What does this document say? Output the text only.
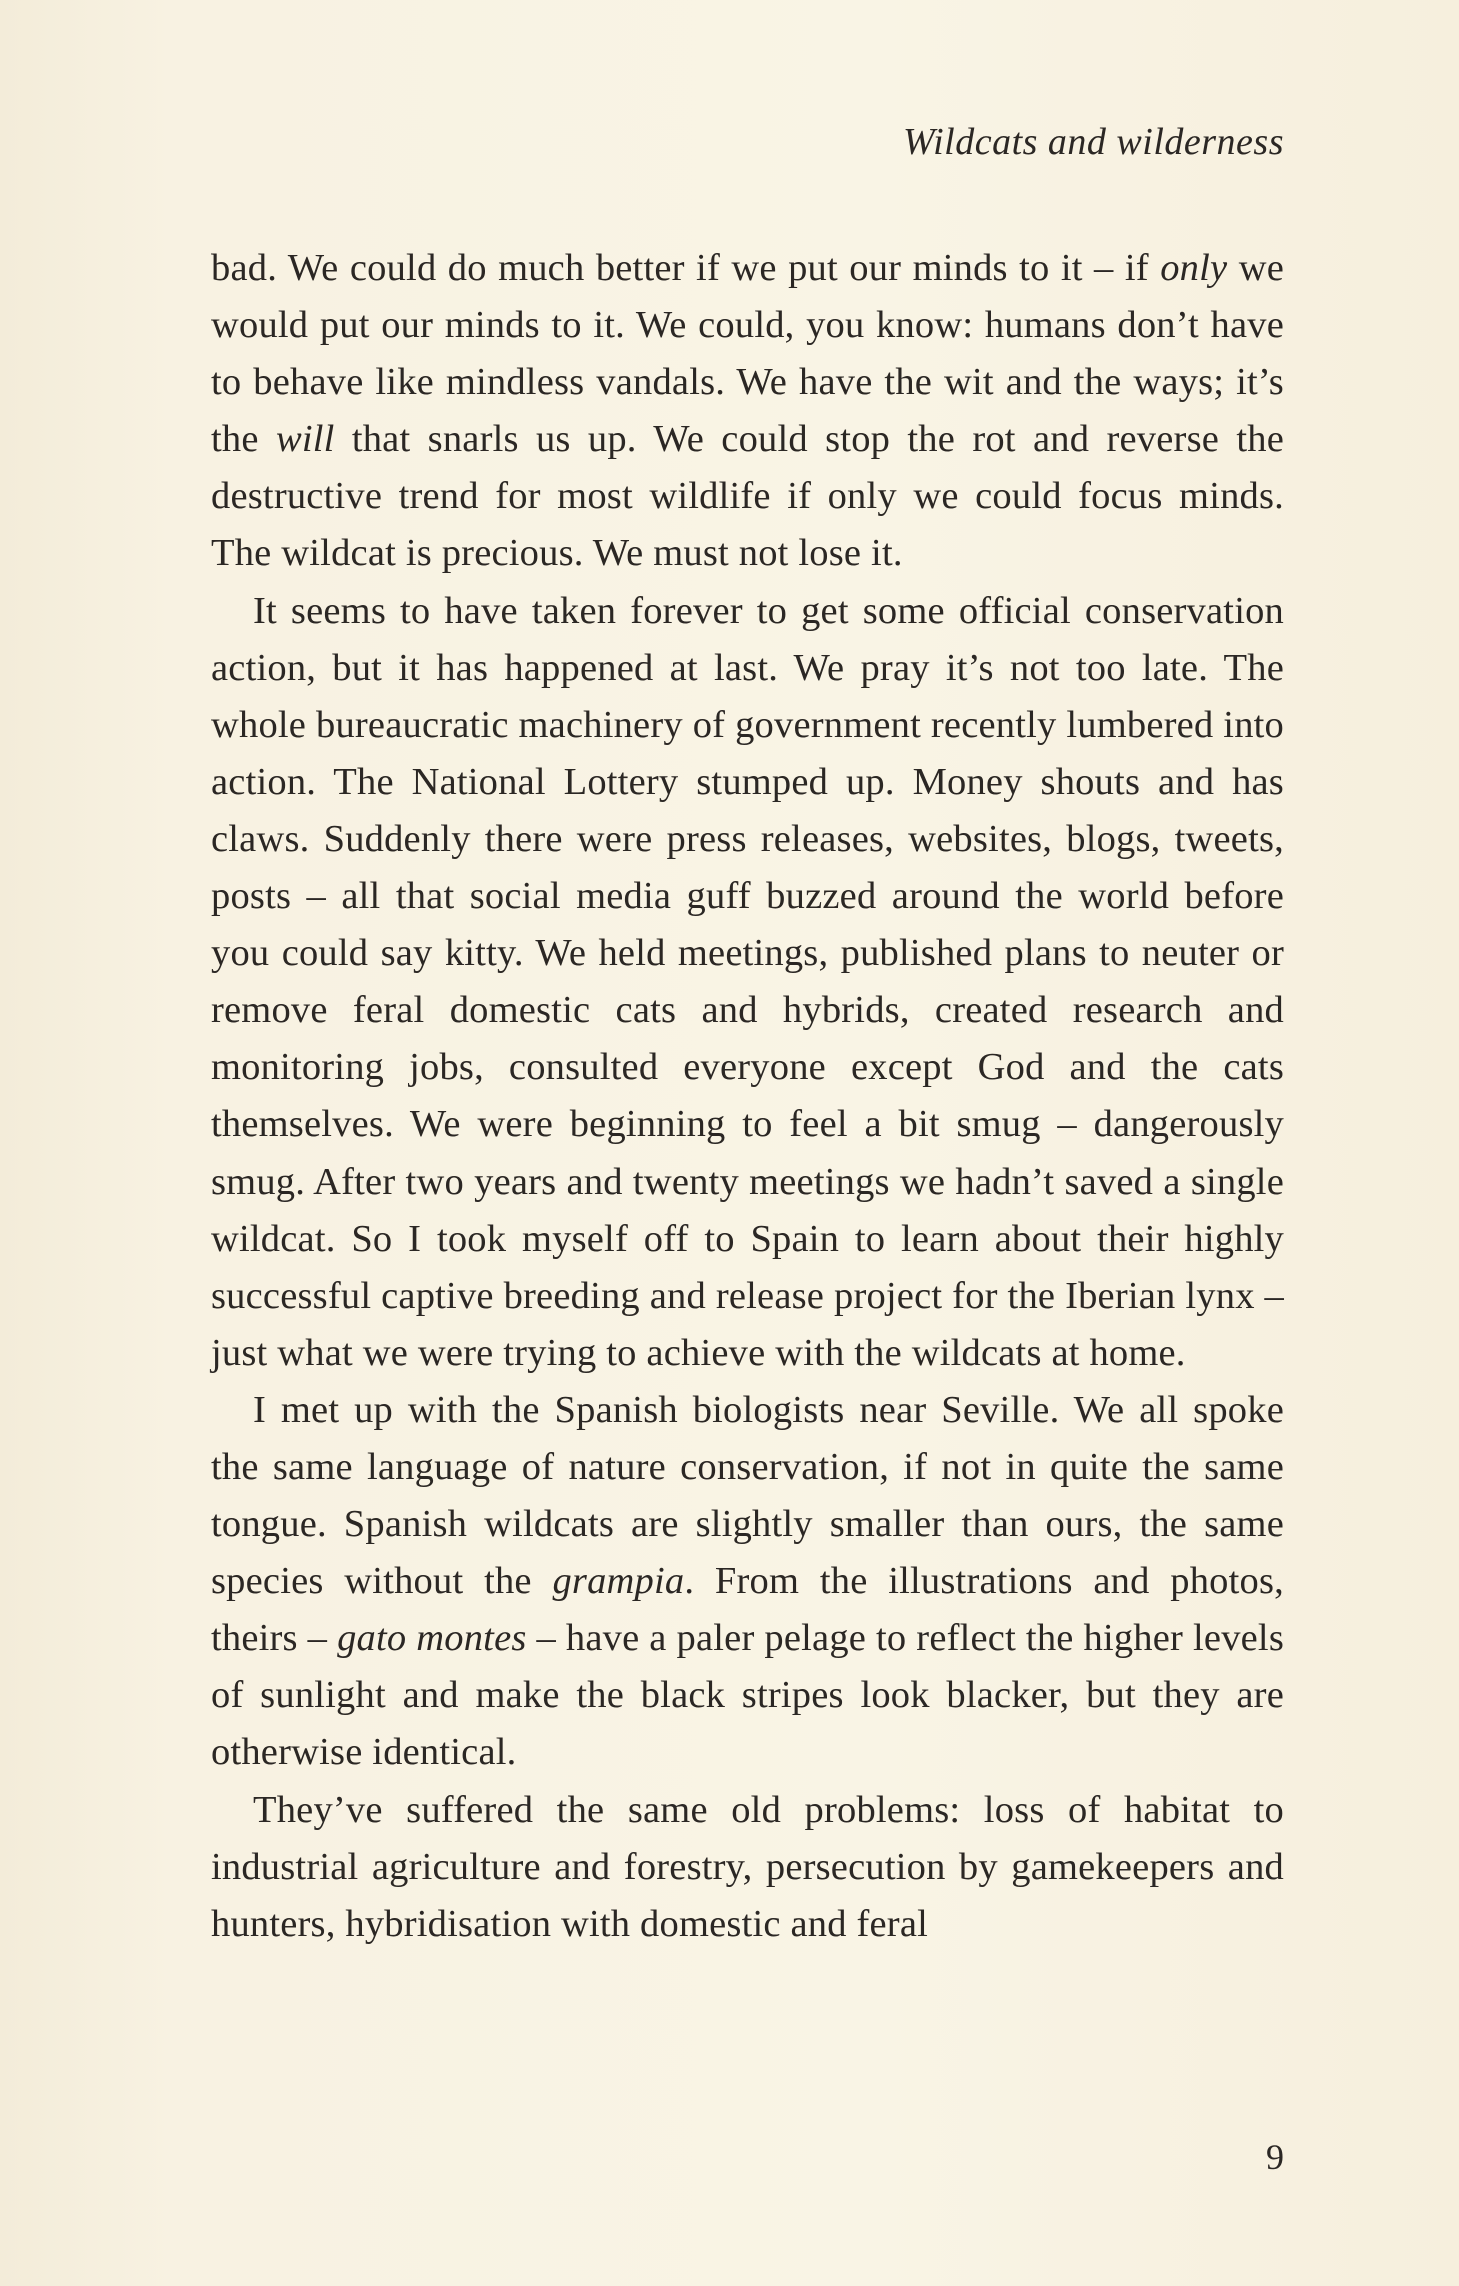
Wildcats and wilderness

bad. We could do much better if we put our minds to it – if only we would put our minds to it. We could, you know: humans don’t have to behave like mindless vandals. We have the wit and the ways; it’s the will that snarls us up. We could stop the rot and reverse the destructive trend for most wildlife if only we could focus minds. The wildcat is precious. We must not lose it.

It seems to have taken forever to get some official conservation action, but it has happened at last. We pray it’s not too late. The whole bureaucratic machinery of government recently lumbered into action. The National Lottery stumped up. Money shouts and has claws. Suddenly there were press releases, websites, blogs, tweets, posts – all that social media guff buzzed around the world before you could say kitty. We held meetings, published plans to neuter or remove feral domestic cats and hybrids, created research and monitoring jobs, consulted everyone except God and the cats themselves. We were beginning to feel a bit smug – dangerously smug. After two years and twenty meetings we hadn’t saved a single wildcat. So I took myself off to Spain to learn about their highly successful captive breeding and release project for the Iberian lynx – just what we were trying to achieve with the wildcats at home.

I met up with the Spanish biologists near Seville. We all spoke the same language of nature conservation, if not in quite the same tongue. Spanish wildcats are slightly smaller than ours, the same species without the grampia. From the illustrations and photos, theirs – gato montes – have a paler pelage to reflect the higher levels of sunlight and make the black stripes look blacker, but they are otherwise identical.

They’ve suffered the same old problems: loss of habitat to industrial agriculture and forestry, persecution by gamekeepers and hunters, hybridisation with domestic and feral

9
